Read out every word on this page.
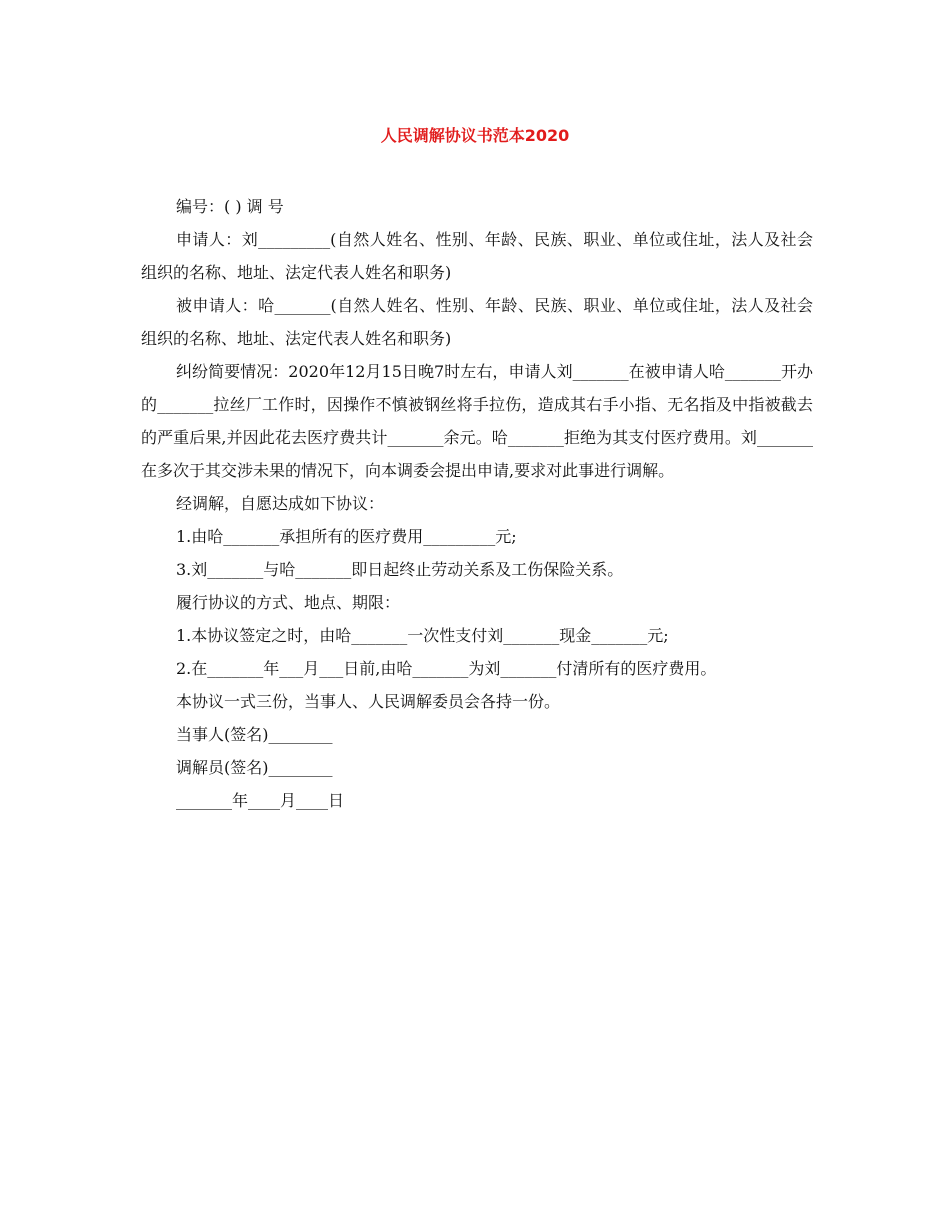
人民调解协议书范本2020

编号：( ) 调 号

申请人：刘_________(自然人姓名、性别、年龄、民族、职业、单位或住址，法人及社会组织的名称、地址、法定代表人姓名和职务)

被申请人：哈_______(自然人姓名、性别、年龄、民族、职业、单位或住址，法人及社会组织的名称、地址、法定代表人姓名和职务)

纠纷简要情况：2020年12月15日晚7时左右，申请人刘_______在被申请人哈_______开办的_______拉丝厂工作时，因操作不慎被钢丝将手拉伤，造成其右手小指、无名指及中指被截去的严重后果,并因此花去医疗费共计_______余元。哈_______拒绝为其支付医疗费用。刘_______在多次于其交涉未果的情况下，向本调委会提出申请,要求对此事进行调解。

经调解，自愿达成如下协议：

1.由哈_______承担所有的医疗费用_________元;

3.刘_______与哈_______即日起终止劳动关系及工伤保险关系。

履行协议的方式、地点、期限：

1.本协议签定之时，由哈_______一次性支付刘_______现金_______元;

2.在_______年___月___日前,由哈_______为刘_______付清所有的医疗费用。

本协议一式三份，当事人、人民调解委员会各持一份。

当事人(签名)________

调解员(签名)________

_______年____月____日
